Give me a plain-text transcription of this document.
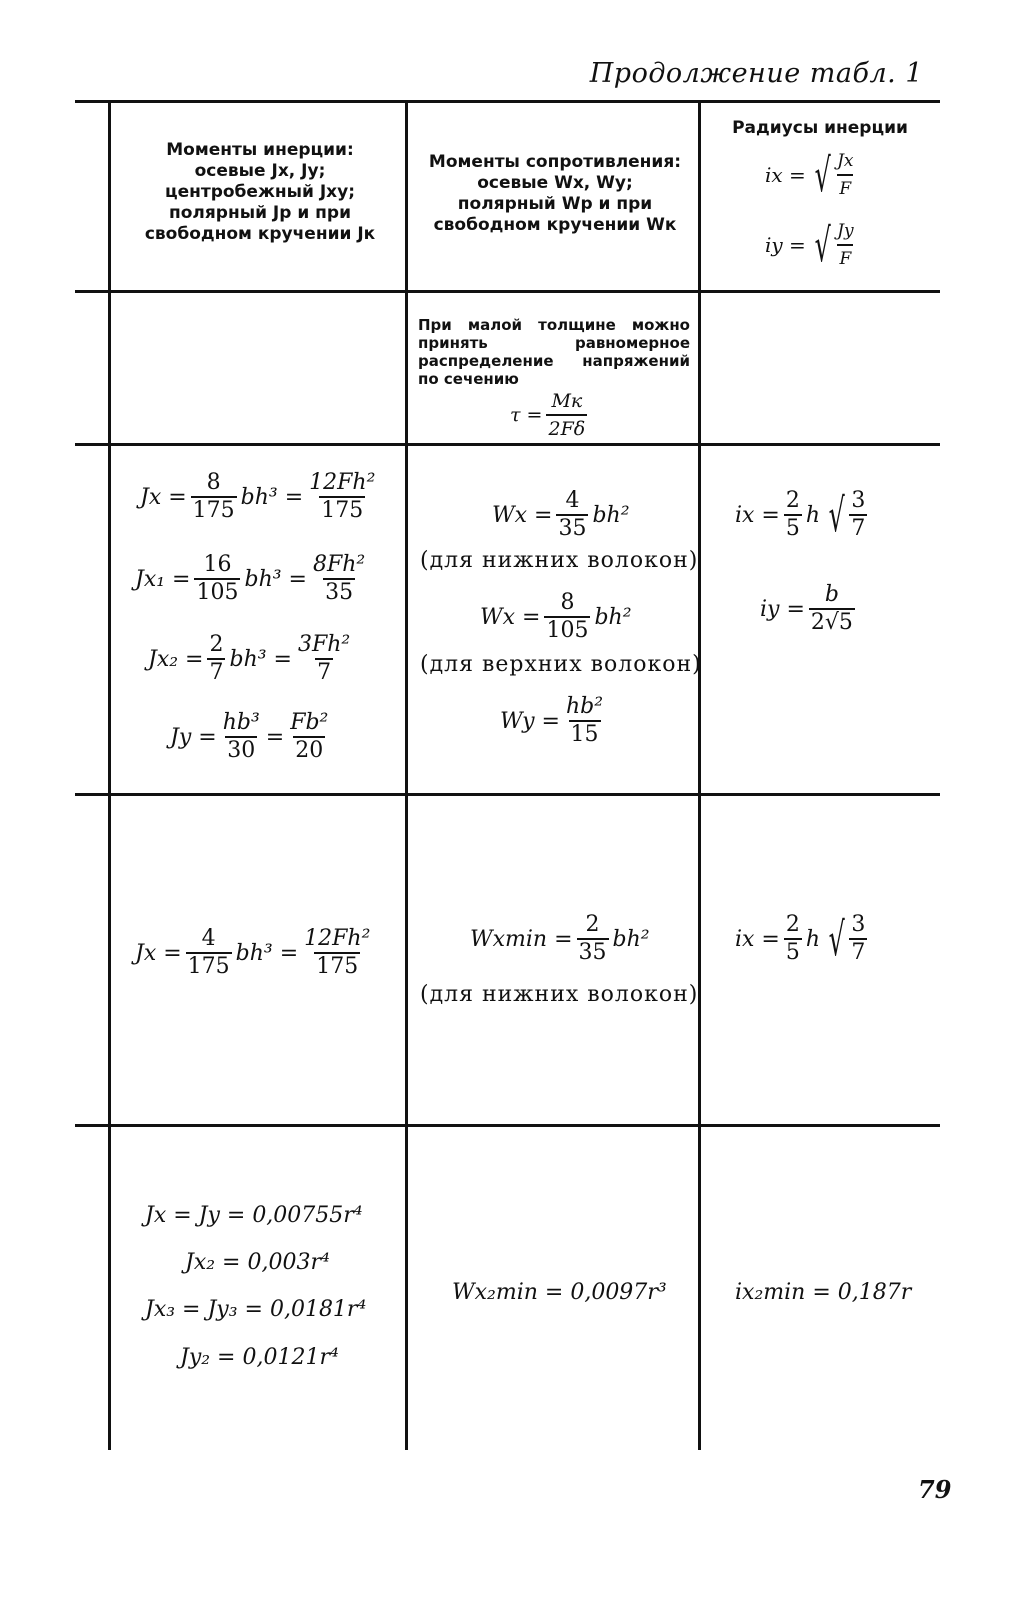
Продолжение табл. 1
Моменты инерции:
осевые Jx, Jy;
центробежный Jxy;
полярный Jp и при
свободном кручении Jк
Моменты сопротивления:
осевые Wx, Wy;
полярный Wp и при
свободном кручении Wк
Радиусы инерции
ix = √ Jx
F
iy = √ Jy
F
При малой толщине можно принять равномерное распределение напряжений по сечению
τ =
Mк
2Fδ
$Jx = \frac{8}{175} bh^3 = \frac{\text{12Fh²}}{175}$
$Jx_1 = \frac{16}{105} bh^3 = \frac{\text{8Fh²}}{35}$
$Jx_2 = \frac{2}{7} bh^3 = \frac{\text{3Fh²}}{7}$
$Jy = \frac{\text{hb³}}{30} = \frac{\text{Fb²}}{20}$
$Wx = \frac{4}{35} bh^2$
(для нижних волокон)
$Wx = \frac{8}{105} bh^2$
(для верхних волокон)
$Wy = \frac{\text{hb²}}{15}$
ix = $\frac{2}{5}$ h √ 3
7
iy = $\frac{b}{2√5}$
$Jx = \frac{4}{175} bh^3 = \frac{\text{12Fh²}}{175}$	$Wxmin = \frac{2}{35} bh^2$
(для нижних волокон)
ix = $\frac{2}{5}$ h √ 3
7
Jx = Jy = 0,00755r⁴
Jx₂ = 0,003r⁴
Jx₃ = Jy₃ = 0,0181r⁴
Jy₂ = 0,0121r⁴
Wx₂min = 0,0097r³	ix₂min = 0,187r
79
